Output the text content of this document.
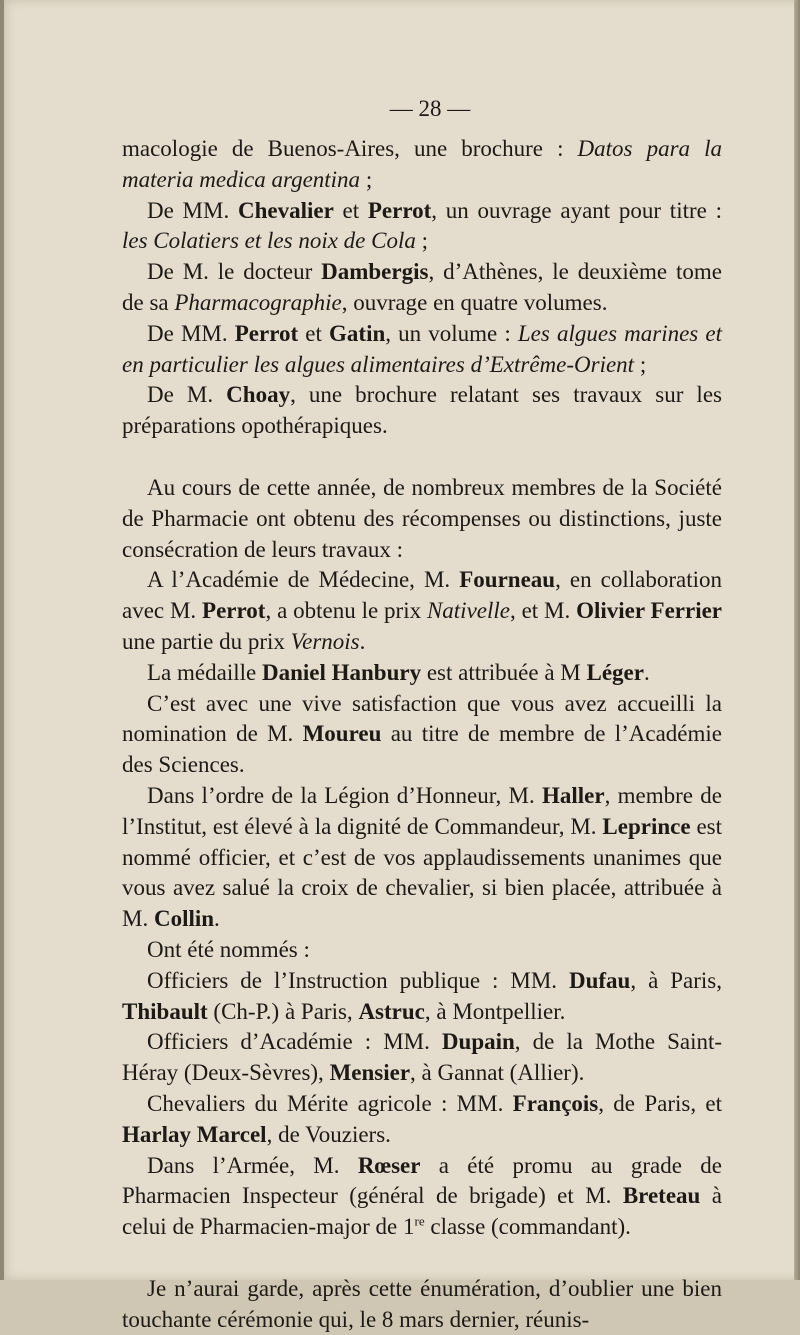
— 28 —

macologie de Buenos-Aires, une brochure : Datos para la materia medica argentina ;

De MM. Chevalier et Perrot, un ouvrage ayant pour titre : les Colatiers et les noix de Cola ;

De M. le docteur Dambergis, d’Athènes, le deuxième tome de sa Pharmacographie, ouvrage en quatre volumes.

De MM. Perrot et Gatin, un volume : Les algues marines et en particulier les algues alimentaires d’Extrême-Orient ;

De M. Choay, une brochure relatant ses travaux sur les préparations opothérapiques.

Au cours de cette année, de nombreux membres de la Société de Pharmacie ont obtenu des récompenses ou distinctions, juste consécration de leurs travaux :

A l’Académie de Médecine, M. Fourneau, en collaboration avec M. Perrot, a obtenu le prix Nativelle, et M. Olivier Ferrier une partie du prix Vernois.

La médaille Daniel Hanbury est attribuée à M Léger.

C’est avec une vive satisfaction que vous avez accueilli la nomination de M. Moureu au titre de membre de l’Académie des Sciences.

Dans l’ordre de la Légion d’Honneur, M. Haller, membre de l’Institut, est élevé à la dignité de Commandeur, M. Leprince est nommé officier, et c’est de vos applaudissements unanimes que vous avez salué la croix de chevalier, si bien placée, attribuée à M. Collin.

Ont été nommés :

Officiers de l’Instruction publique : MM. Dufau, à Paris, Thibault (Ch-P.) à Paris, Astruc, à Montpellier.

Officiers d’Académie : MM. Dupain, de la Mothe Saint-Héray (Deux-Sèvres), Mensier, à Gannat (Allier).

Chevaliers du Mérite agricole : MM. François, de Paris, et Harlay Marcel, de Vouziers.

Dans l’Armée, M. Rœser a été promu au grade de Pharmacien Inspecteur (général de brigade) et M. Breteau à celui de Pharmacien-major de 1re classe (commandant).

Je n’aurai garde, après cette énumération, d’oublier une bien touchante cérémonie qui, le 8 mars dernier, réunis-
